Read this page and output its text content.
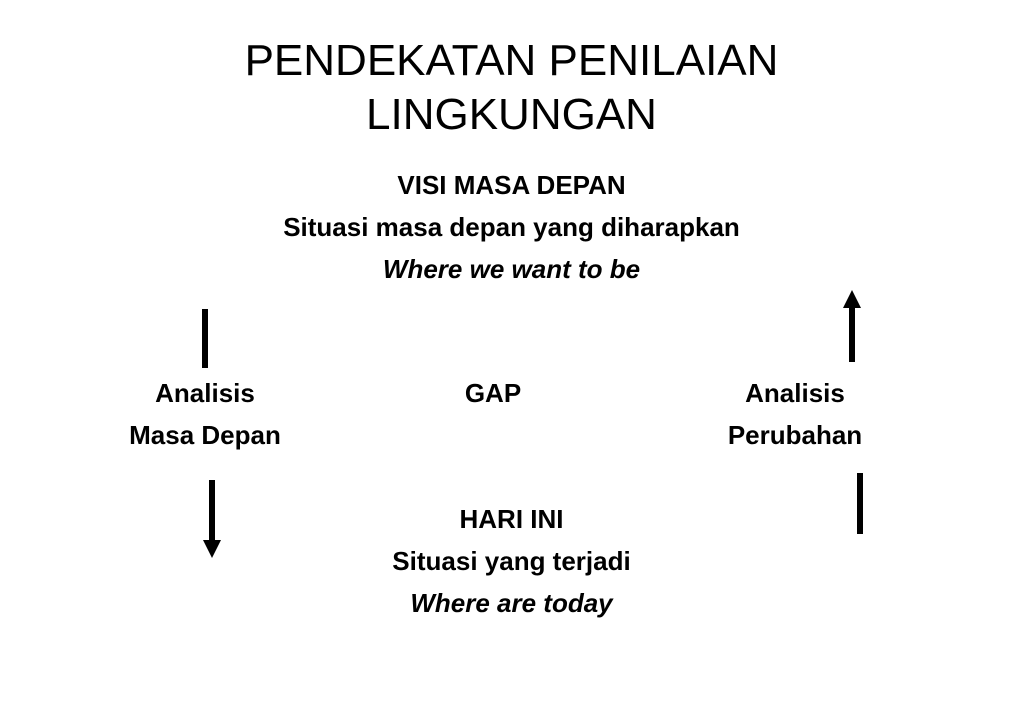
PENDEKATAN PENILAIAN
LINGKUNGAN
VISI MASA DEPAN
Situasi masa depan yang diharapkan
Where we want to be
Analisis
Masa Depan
GAP	Analisis
Perubahan
HARI INI
Situasi yang terjadi
Where are today
